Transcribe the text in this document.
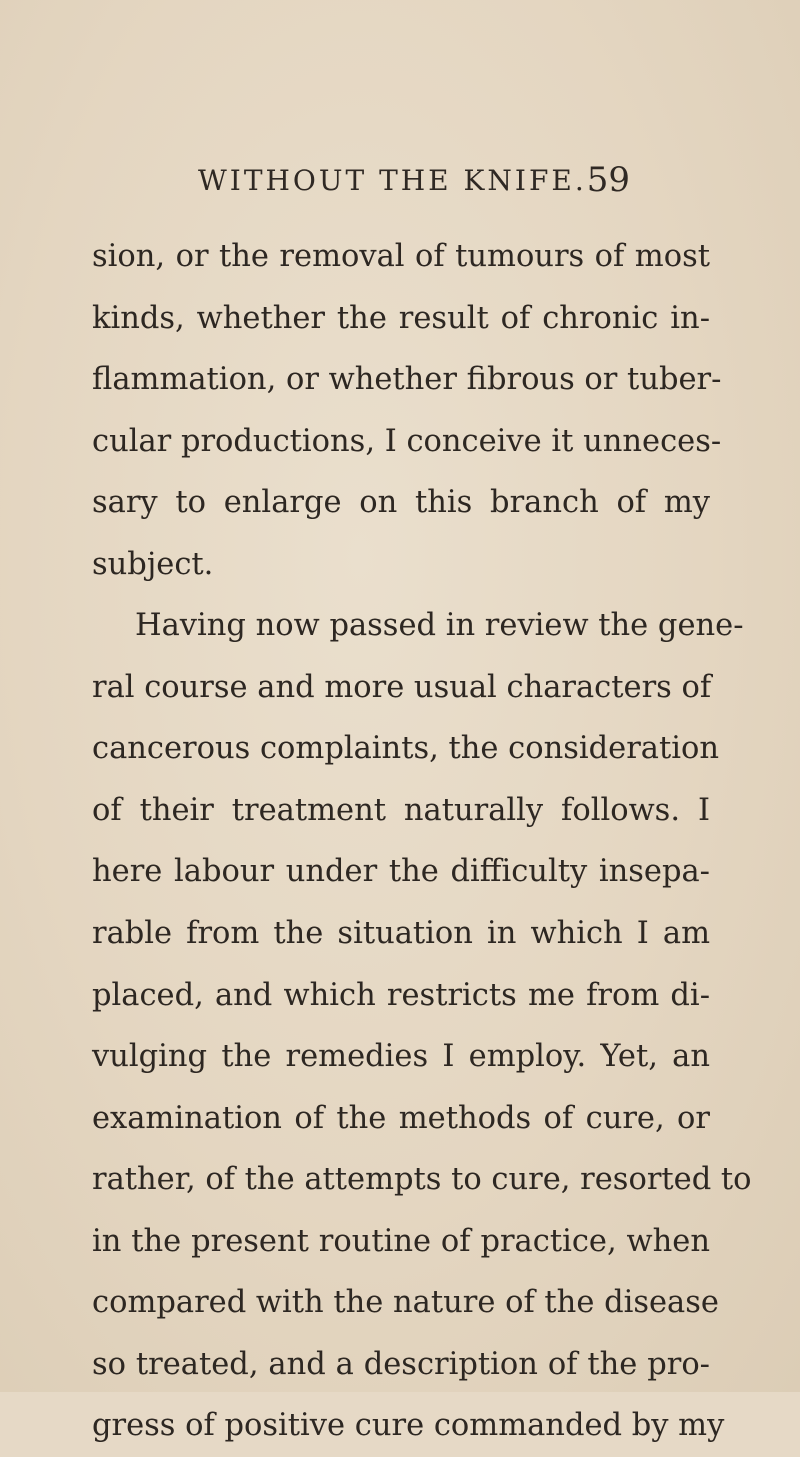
WITHOUT THE KNIFE. 59
sion, or the removal of tumours of most
kinds, whether the result of chronic in-
flammation, or whether fibrous or tuber-
cular productions, I conceive it unneces-
sary to enlarge on this branch of my
subject.
Having now passed in review the gene-
ral course and more usual characters of
cancerous complaints, the consideration
of their treatment naturally follows. I
here labour under the difficulty insepa-
rable from the situation in which I am
placed, and which restricts me from di-
vulging the remedies I employ. Yet, an
examination of the methods of cure, or
rather, of the attempts to cure, resorted to
in the present routine of practice, when
compared with the nature of the disease
so treated, and a description of the pro-
gress of positive cure commanded by my
